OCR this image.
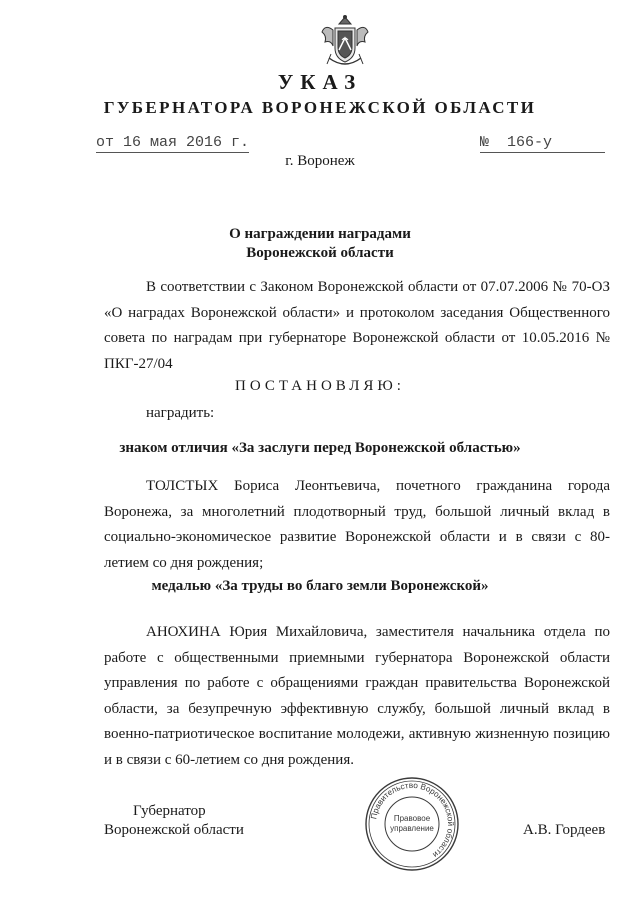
УКАЗ
ГУБЕРНАТОРА ВОРОНЕЖСКОЙ ОБЛАСТИ
от 16 мая 2016 г.	№ 166-у
г. Воронеж
О награждении наградами
Воронежской области
В соответствии с Законом Воронежской области от 07.07.2006 № 70-ОЗ «О наградах Воронежской области» и протоколом заседания Общественного совета по наградам при губернаторе Воронежской области от 10.05.2016 № ПКГ-27/04
ПОСТАНОВЛЯЮ:
наградить:
знаком отличия «За заслуги перед Воронежской областью»
ТОЛСТЫХ Бориса Леонтьевича, почетного гражданина города Воронежа, за многолетний плодотворный труд, большой личный вклад в социально-экономическое развитие Воронежской области и в связи с 80-летием со дня рождения;
медалью «За труды во благо земли Воронежской»
АНОХИНА Юрия Михайловича, заместителя начальника отдела по работе с общественными приемными губернатора Воронежской области управления по работе с обращениями граждан правительства Воронежской области, за безупречную эффективную службу, большой личный вклад в военно-патриотическое воспитание молодежи, активную жизненную позицию и в связи с 60-летием со дня рождения.
Губернатор
Воронежской области	А.В. Гордеев
Правительство Воронежской области
Правовое
управление
